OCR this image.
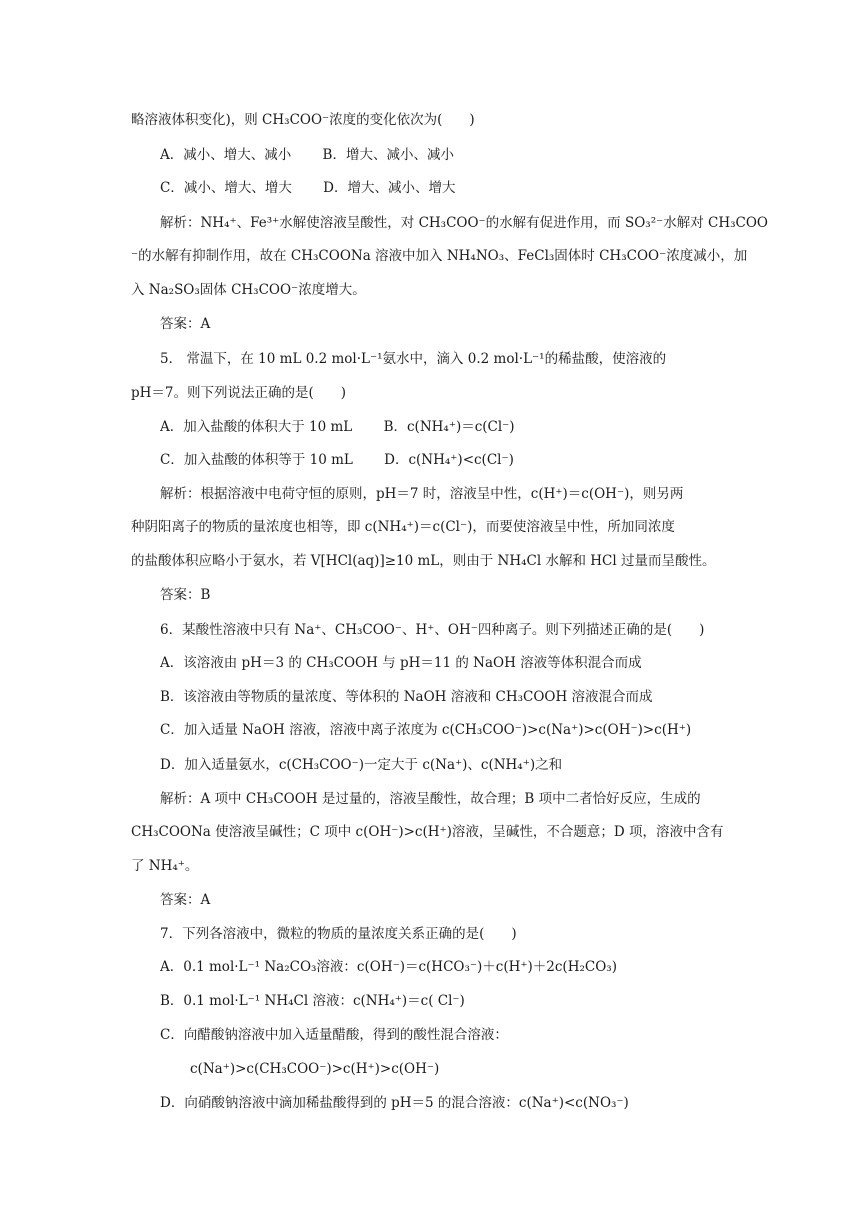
略溶液体积变化)，则 CH₃COO⁻浓度的变化依次为(　　)
A．减小、增大、减小　　 B．增大、减小、减小
C．减小、增大、增大　　 D．增大、减小、增大
解析：NH₄⁺、Fe³⁺水解使溶液呈酸性，对 CH₃COO⁻的水解有促进作用，而 SO₃²⁻水解对 CH₃COO
⁻的水解有抑制作用，故在 CH₃COONa 溶液中加入 NH₄NO₃、FeCl₃固体时 CH₃COO⁻浓度减小，加
入 Na₂SO₃固体 CH₃COO⁻浓度增大。
答案：A
5． 常温下，在 10 mL 0.2 mol·L⁻¹氨水中，滴入 0.2 mol·L⁻¹的稀盐酸，使溶液的
pH＝7。则下列说法正确的是(　　)
A．加入盐酸的体积大于 10 mL　　 B．c(NH₄⁺)＝c(Cl⁻)
C．加入盐酸的体积等于 10 mL　　 D．c(NH₄⁺)<c(Cl⁻)
解析：根据溶液中电荷守恒的原则，pH＝7 时，溶液呈中性，c(H⁺)＝c(OH⁻)，则另两
种阴阳离子的物质的量浓度也相等，即 c(NH₄⁺)＝c(Cl⁻)，而要使溶液呈中性，所加同浓度
的盐酸体积应略小于氨水，若 V[HCl(aq)]≥10 mL，则由于 NH₄Cl 水解和 HCl 过量而呈酸性。
答案：B
6．某酸性溶液中只有 Na⁺、CH₃COO⁻、H⁺、OH⁻四种离子。则下列描述正确的是(　　)
A．该溶液由 pH＝3 的 CH₃COOH 与 pH＝11 的 NaOH 溶液等体积混合而成
B．该溶液由等物质的量浓度、等体积的 NaOH 溶液和 CH₃COOH 溶液混合而成
C．加入适量 NaOH 溶液，溶液中离子浓度为 c(CH₃COO⁻)>c(Na⁺)>c(OH⁻)>c(H⁺)
D．加入适量氨水，c(CH₃COO⁻)一定大于 c(Na⁺)、c(NH₄⁺)之和
解析：A 项中 CH₃COOH 是过量的，溶液呈酸性，故合理；B 项中二者恰好反应，生成的
CH₃COONa 使溶液呈碱性；C 项中 c(OH⁻)>c(H⁺)溶液，呈碱性，不合题意；D 项，溶液中含有
了 NH₄⁺。
答案：A
7．下列各溶液中，微粒的物质的量浓度关系正确的是(　　)
A．0.1 mol·L⁻¹ Na₂CO₃溶液：c(OH⁻)＝c(HCO₃⁻)＋c(H⁺)＋2c(H₂CO₃)
B．0.1 mol·L⁻¹ NH₄Cl 溶液：c(NH₄⁺)＝c( Cl⁻)
C．向醋酸钠溶液中加入适量醋酸，得到的酸性混合溶液：
c(Na⁺)>c(CH₃COO⁻)>c(H⁺)>c(OH⁻)
D．向硝酸钠溶液中滴加稀盐酸得到的 pH＝5 的混合溶液：c(Na⁺)<c(NO₃⁻)
